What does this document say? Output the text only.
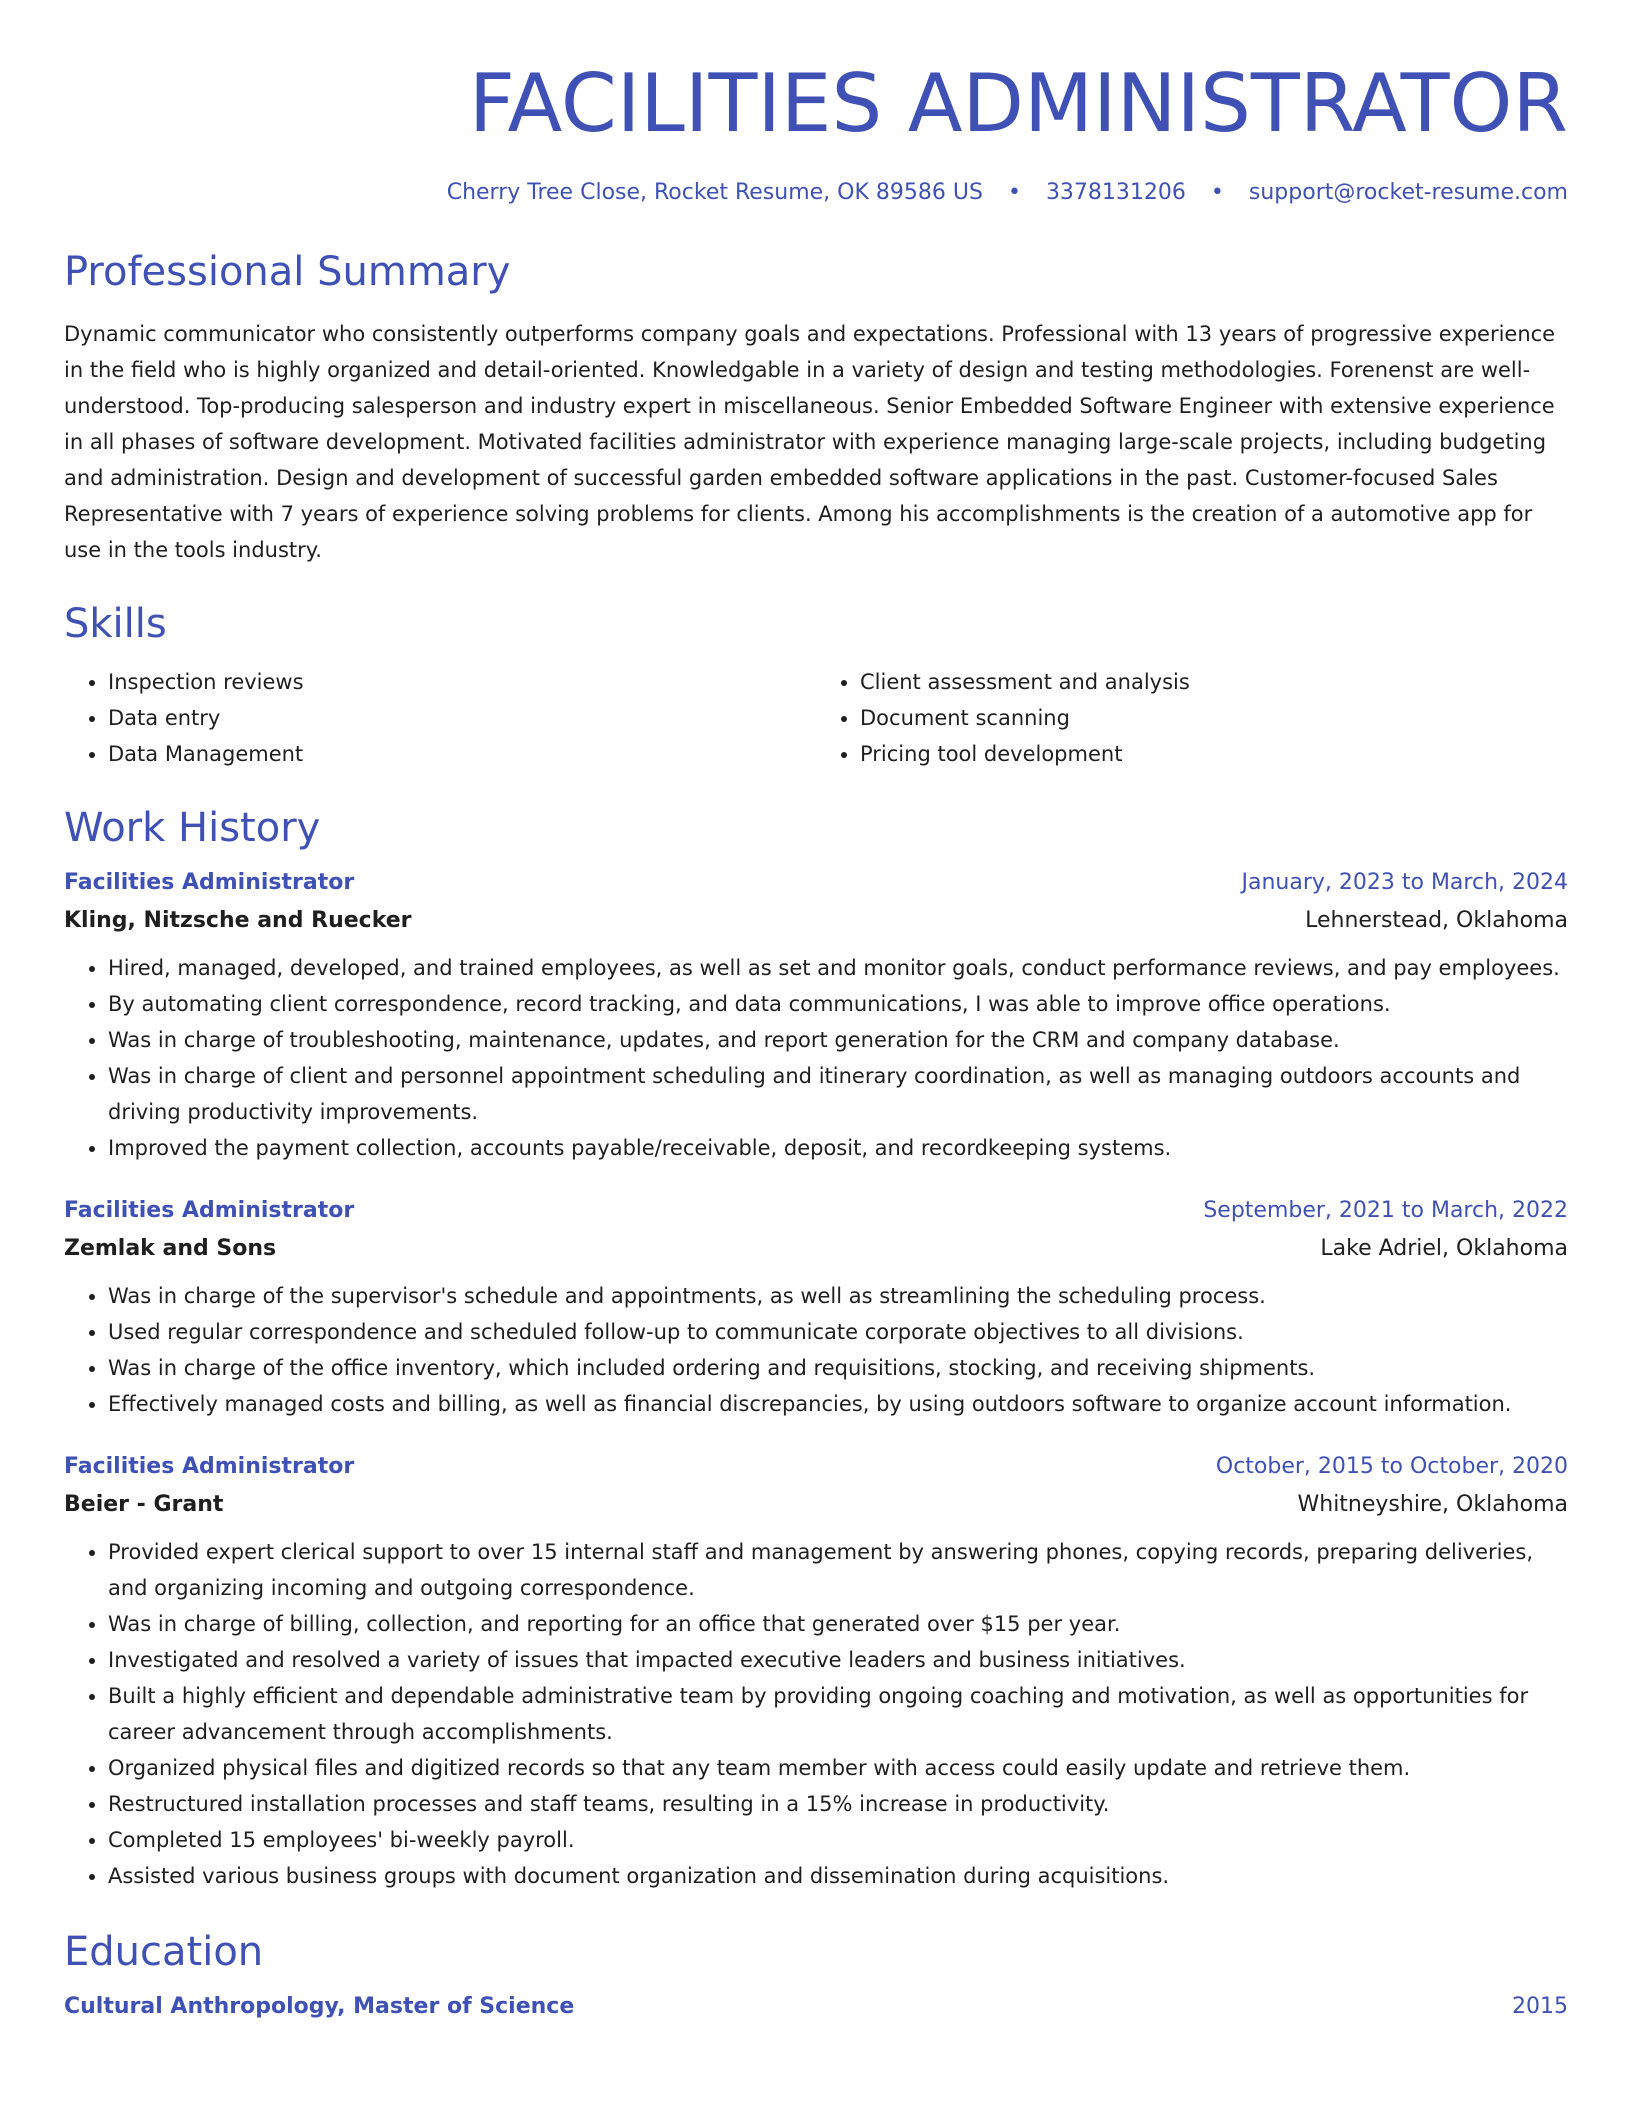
FACILITIES ADMINISTRATOR
Cherry Tree Close, Rocket Resume, OK 89586 US • 3378131206 • support@rocket-resume.com
Professional Summary
Dynamic communicator who consistently outperforms company goals and expectations. Professional with 13 years of progressive experience in the field who is highly organized and detail-oriented. Knowledgable in a variety of design and testing methodologies. Forenenst are well-understood. Top-producing salesperson and industry expert in miscellaneous. Senior Embedded Software Engineer with extensive experience in all phases of software development. Motivated facilities administrator with experience managing large-scale projects, including budgeting and administration. Design and development of successful garden embedded software applications in the past. Customer-focused Sales Representative with 7 years of experience solving problems for clients. Among his accomplishments is the creation of a automotive app for use in the tools industry.
Skills
• Inspection reviews
• Data entry
• Data Management
• Client assessment and analysis
• Document scanning
• Pricing tool development
Work History
Facilities Administrator	January, 2023 to March, 2024
Kling, Nitzsche and Ruecker	Lehnerstead, Oklahoma
• Hired, managed, developed, and trained employees, as well as set and monitor goals, conduct performance reviews, and pay employees.
• By automating client correspondence, record tracking, and data communications, I was able to improve office operations.
• Was in charge of troubleshooting, maintenance, updates, and report generation for the CRM and company database.
• Was in charge of client and personnel appointment scheduling and itinerary coordination, as well as managing outdoors accounts and driving productivity improvements.
• Improved the payment collection, accounts payable/receivable, deposit, and recordkeeping systems.
Facilities Administrator	September, 2021 to March, 2022
Zemlak and Sons	Lake Adriel, Oklahoma
• Was in charge of the supervisor's schedule and appointments, as well as streamlining the scheduling process.
• Used regular correspondence and scheduled follow-up to communicate corporate objectives to all divisions.
• Was in charge of the office inventory, which included ordering and requisitions, stocking, and receiving shipments.
• Effectively managed costs and billing, as well as financial discrepancies, by using outdoors software to organize account information.
Facilities Administrator	October, 2015 to October, 2020
Beier - Grant	Whitneyshire, Oklahoma
• Provided expert clerical support to over 15 internal staff and management by answering phones, copying records, preparing deliveries, and organizing incoming and outgoing correspondence.
• Was in charge of billing, collection, and reporting for an office that generated over $15 per year.
• Investigated and resolved a variety of issues that impacted executive leaders and business initiatives.
• Built a highly efficient and dependable administrative team by providing ongoing coaching and motivation, as well as opportunities for career advancement through accomplishments.
• Organized physical files and digitized records so that any team member with access could easily update and retrieve them.
• Restructured installation processes and staff teams, resulting in a 15% increase in productivity.
• Completed 15 employees' bi-weekly payroll.
• Assisted various business groups with document organization and dissemination during acquisitions.
Education
Cultural Anthropology, Master of Science	2015
